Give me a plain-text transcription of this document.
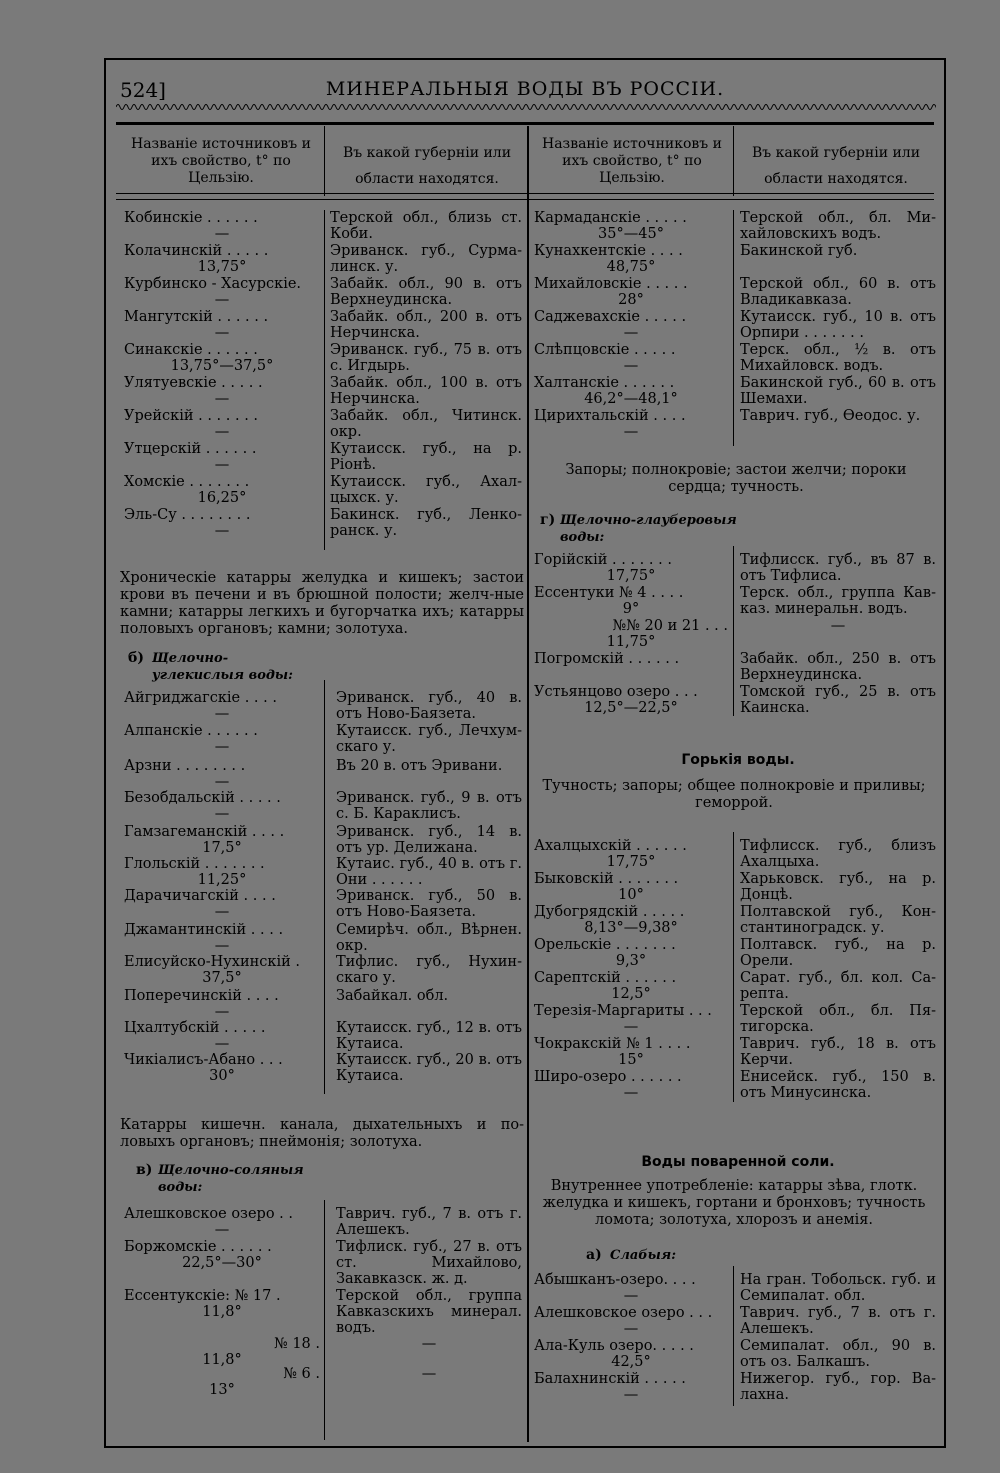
524]	МИНЕРАЛЬНЫЯ ВОДЫ ВЪ РОССІИ.
Названіе источниковъ и ихъ свойство, t° по Цельзію.
Въ какой губерніи или области находятся.
Названіе источниковъ и ихъ свойство, t° по Цельзію.
Въ какой губерніи или области находятся.
Кобинскіе . . . . . .
—
Терской обл., близь ст. Коби.
Колачинскій . . . . .
13,75°
Эриванск. губ., Сурма-линск. у.
Курбинско - Хасурскіе.
—
Забайк. обл., 90 в. отъ Верхнеудинска.
Мангутскій . . . . . .
—
Забайк. обл., 200 в. отъ Нерчинска.
Синакскіе . . . . . .
13,75°—37,5°
Эриванск. губ., 75 в. отъ с. Игдырь.
Улятуевскіе . . . . .
—
Забайк. обл., 100 в. отъ Нерчинска.
Урейскій . . . . . . .
—
Забайк. обл., Читинск. окр.
Утцерскій . . . . . .
—
Кутаисск. губ., на р. Ріонѣ.
Хомскіе . . . . . . .
16,25°
Кутаисск. губ., Ахал-цыхск. у.
Эль-Су . . . . . . . .
—
Бакинск. губ., Ленко-ранск. у.
Хроническіе катарры желудка и кишекъ; застои крови въ печени и въ брюшной полости; желч-ные камни; катарры легкихъ и бугорчатка ихъ; катарры половыхъ органовъ; камни; золотуха.
б) Щелочно-углекислыя воды:
Айгриджагскіе . . . .
—
Эриванск. губ., 40 в. отъ Ново-Баязета.
Алпанскіе . . . . . .
—
Кутаисск. губ., Лечхум-скаго у.
Арзни . . . . . . . .
—
Въ 20 в. отъ Эривани.
Безобдальскій . . . . .
—
Эриванск. губ., 9 в. отъ с. Б. Караклисъ.
Гамзагеманскій . . . .
17,5°
Эриванск. губ., 14 в. отъ ур. Делижана.
Глольскій . . . . . . .
11,25°
Кутаис. губ., 40 в. отъ г. Они . . . . . .
Дарачичагскій . . . .
—
Эриванск. губ., 50 в. отъ Ново-Баязета.
Джамантинскій . . . .
—
Семирѣч. обл., Вѣрнен. окр.
Елисуйско-Нухинскій .
37,5°
Тифлис. губ., Нухин-скаго у.
Поперечинскій . . . .
—
Забайкал. обл.
Цхалтубскій . . . . .
—
Кутаисск. губ., 12 в. отъ Кутаиса.
Чикіалисъ-Абано . . .
30°
Кутаисск. губ., 20 в. отъ Кутаиса.
Катарры кишечн. канала, дыхательныхъ и по-ловыхъ органовъ; пнеймонія; золотуха.
в) Щелочно-соляныя воды:
Алешковское озеро . .
—
Таврич. губ., 7 в. отъ г. Алешекъ.
Боржомскіе . . . . . .
22,5°—30°
Тифлиск. губ., 27 в. отъ ст. Михайлово, Закавказск. ж. д.
Ессентукскіе: № 17 .
11,8°
Терской обл., группа Кавказскихъ минерал. водъ.
№ 18 .
11,8°
—
№ 6 .
13°
—
Кармаданскіе . . . . .
35°—45°
Терской обл., бл. Ми-хайловскихъ водъ.
Кунахкентскіе . . . .
48,75°
Бакинской губ.
Михайловскіе . . . . .
28°
Терской обл., 60 в. отъ Владикавказа.
Саджевахскіе . . . . .
—
Кутаисск. губ., 10 в. отъ Орпири . . . . . . .
Слѣпцовскіе . . . . .
—
Терск. обл., ½ в. отъ Михайловск. водъ.
Халтанскіе . . . . . .
46,2°—48,1°
Бакинской губ., 60 в. отъ Шемахи.
Цирихтальскій . . . .
—
Таврич. губ., Ѳеодос. у.
Запоры; полнокровіе; застои желчи; пороки сердца; тучность.
г) Щелочно-глауберовыя воды:
Горійскій . . . . . . .
17,75°
Тифлисск. губ., въ 87 в. отъ Тифлиса.
Ессентуки № 4 . . . .
9°
Терск. обл., группа Кав-каз. минеральн. водъ.
№№ 20 и 21 . . .
11,75°
—
Погромскій . . . . . .	Забайк. обл., 250 в. отъ Верхнеудинска.
Устьянцово озеро . . .
12,5°—22,5°
Томской губ., 25 в. отъ Каинска.
Горькія воды.
Тучность; запоры; общее полнокровіе и приливы; геморрой.
Ахалцыхскій . . . . . .
17,75°
Тифлисск. губ., близъ Ахалцыха.
Быковскій . . . . . . .
10°
Харьковск. губ., на р. Донцѣ.
Дубогрядскій . . . . .
8,13°—9,38°
Полтавской губ., Кон-стантиноградск. у.
Орельскіе . . . . . . .
9,3°
Полтавск. губ., на р. Орели.
Сарептскій . . . . . .
12,5°
Сарат. губ., бл. кол. Са-репта.
Терезія-Маргариты . . .
—
Терской обл., бл. Пя-тигорска.
Чокракскій № 1 . . . .
15°
Таврич. губ., 18 в. отъ Керчи.
Широ-озеро . . . . . .
—
Енисейск. губ., 150 в. отъ Минусинска.
Воды поваренной соли.
Внутреннее употребленіе: катарры зѣва, глотк. желудка и кишекъ, гортани и бронховъ; тучность ломота; золотуха, хлорозъ и анемія.
а) Слабыя:
Абышканъ-озеро. . . .
—
На гран. Тобольск. губ. и Семипалат. обл.
Алешковское озеро . . .
—
Таврич. губ., 7 в. отъ г. Алешекъ.
Ала-Куль озеро. . . . .
42,5°
Семипалат. обл., 90 в. отъ оз. Балкашъ.
Балахнинскій . . . . .
—
Нижегор. губ., гор. Ва-лахна.
